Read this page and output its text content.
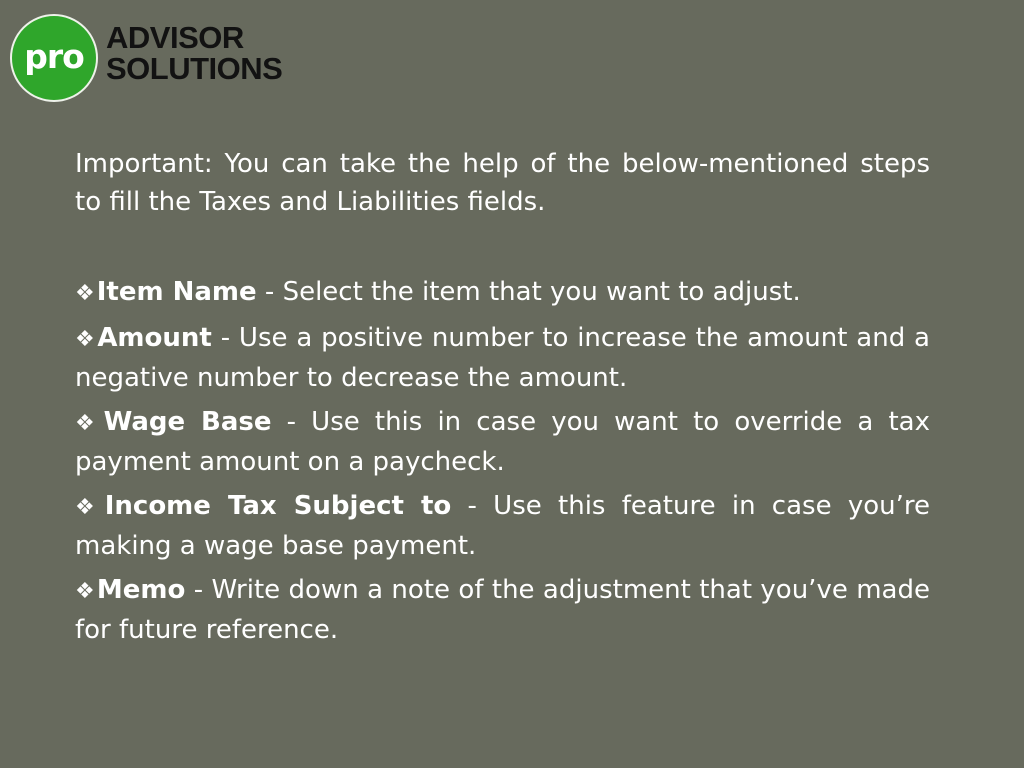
pro ADVISOR
SOLUTIONS

Important: You can take the help of the below-mentioned steps to fill the Taxes and Liabilities fields.

❖Item Name - Select the item that you want to adjust.

❖Amount - Use a positive number to increase the amount and a negative number to decrease the amount.

❖Wage Base - Use this in case you want to override a tax payment amount on a paycheck.

❖Income Tax Subject to - Use this feature in case you’re making a wage base payment.

❖Memo - Write down a note of the adjustment that you’ve made for future reference.
